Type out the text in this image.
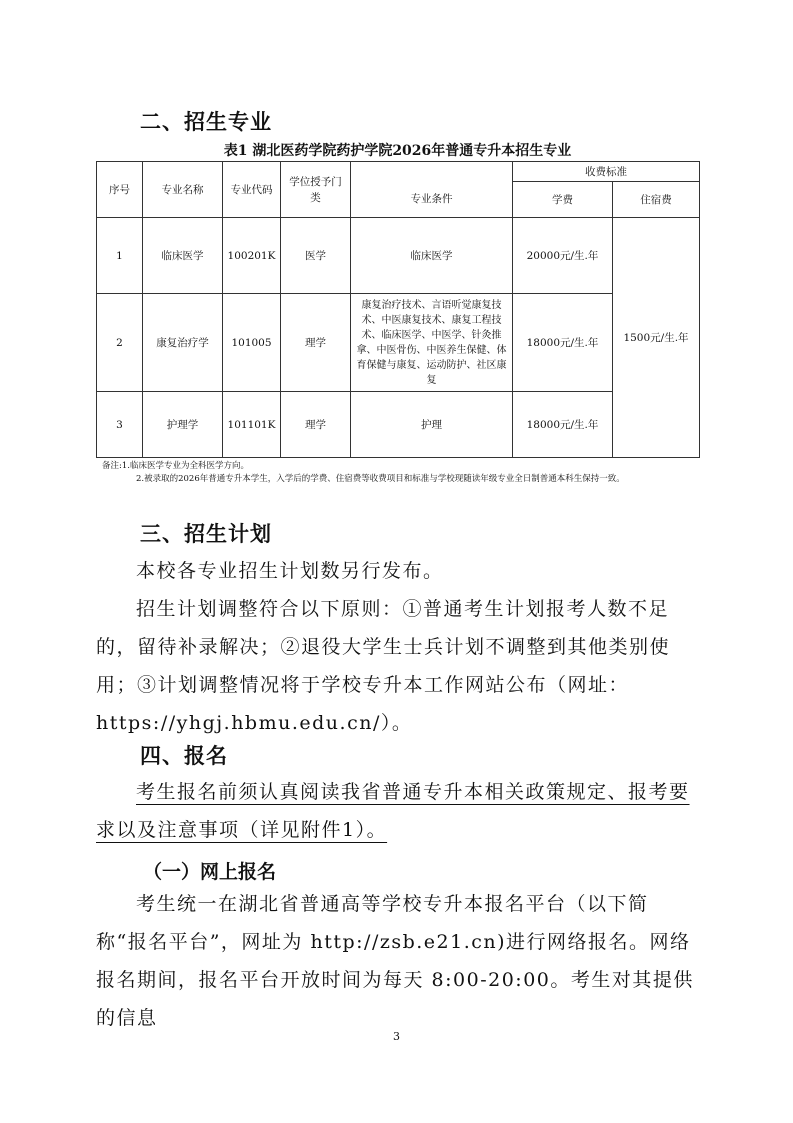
二、招生专业
表1 湖北医药学院药护学院2026年普通专升本招生专业
序号	专业名称	专业代码	学位授予门类		收费标准	
				专业条件	学费	住宿费
1	临床医学	100201K	医学	临床医学	20000元/生.年	1500元/生.年
2	康复治疗学	101005	理学	康复治疗技术、言语听觉康复技术、中医康复技术、康复工程技术、临床医学、中医学、针灸推拿、中医骨伤、中医养生保健、体育保健与康复、运动防护、社区康复	18000元/生.年	
3	护理学	101101K	理学	护理	18000元/生.年	
备注:1.临床医学专业为全科医学方向。
2.被录取的2026年普通专升本学生，入学后的学费、住宿费等收费项目和标准与学校现随读年级专业全日制普通本科生保持一致。
三、招生计划

本校各专业招生计划数另行发布。

招生计划调整符合以下原则：①普通考生计划报考人数不足的，留待补录解决；②退役大学生士兵计划不调整到其他类别使用；③计划调整情况将于学校专升本工作网站公布（网址：https://yhgj.hbmu.edu.cn/）。

四、报名

考生报名前须认真阅读我省普通专升本相关政策规定、报考要求以及注意事项（详见附件1）。

（一）网上报名

考生统一在湖北省普通高等学校专升本报名平台（以下简称“报名平台”，网址为 http://zsb.e21.cn)进行网络报名。网络报名期间，报名平台开放时间为每天 8:00-20:00。考生对其提供的信息

3
